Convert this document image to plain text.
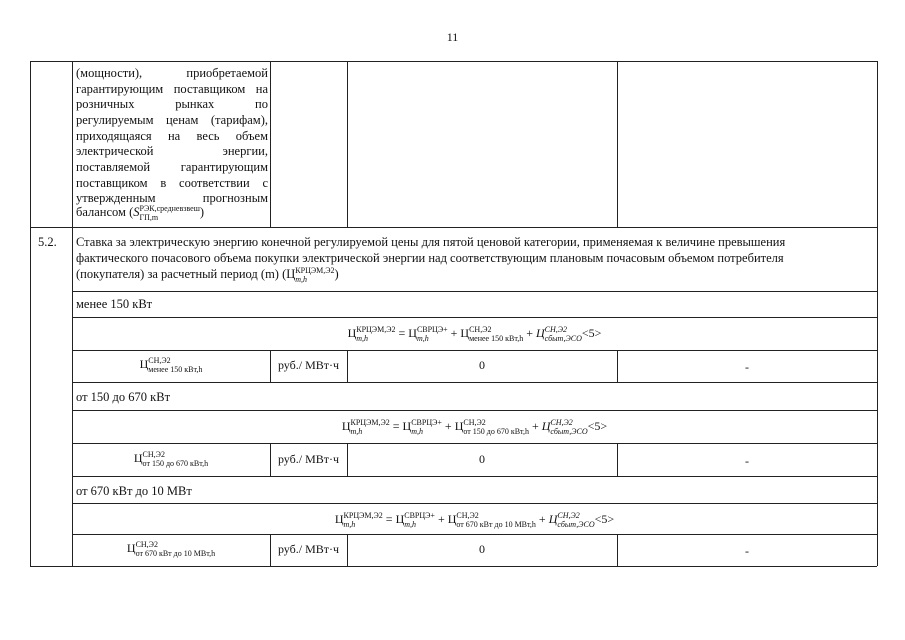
11
(мощности), приобретаемой
гарантирующим поставщиком на
розничных рынках по
регулируемым ценам (тарифам),
приходящаяся на весь объем
электрической энергии,
поставляемой гарантирующим
поставщиком в соответствии с
утвержденным прогнозным
балансом (S РЭК,средневзвеш
ГП,m	)
5.2. Ставка за электрическую энергию конечной регулируемой цены для пятой ценовой категории, применяемая к величине превышения
фактического почасового объема покупки электрической энергии над соответствующим плановым почасовым объемом потребителя
(покупателя) за расчетный период (m) (Ц КРЦЭМ,Э2
m,h	)
менее 150 кВт
Ц КРЦЭМ,Э2
m,h	= Ц СВРЦЭ+
m,h	+ Ц СН,Э2
менее 150 кВт,h + Ц СН,Э2
сбыт,ЭСО <5>
Ц СН,Э2
менее 150 кВт,h	руб./ МВт·ч	0	-
от 150 до 670 кВт
Ц КРЦЭМ,Э2
m,h	= Ц СВРЦЭ+
m,h	+ Ц СН,Э2
от 150 до 670 кВт,h + Ц СН,Э2
сбыт,ЭСО <5>
Ц СН,Э2
от 150 до 670 кВт,h	руб./ МВт·ч	0	-
от 670 кВт до 10 МВт
Ц КРЦЭМ,Э2
m,h	= Ц СВРЦЭ+
m,h	+ Ц СН,Э2
от 670 кВт до 10 МВт,h + Ц СН,Э2
сбыт,ЭСО <5>
Ц СН,Э2
от 670 кВт до 10 МВт,h	руб./ МВт·ч	0	-
